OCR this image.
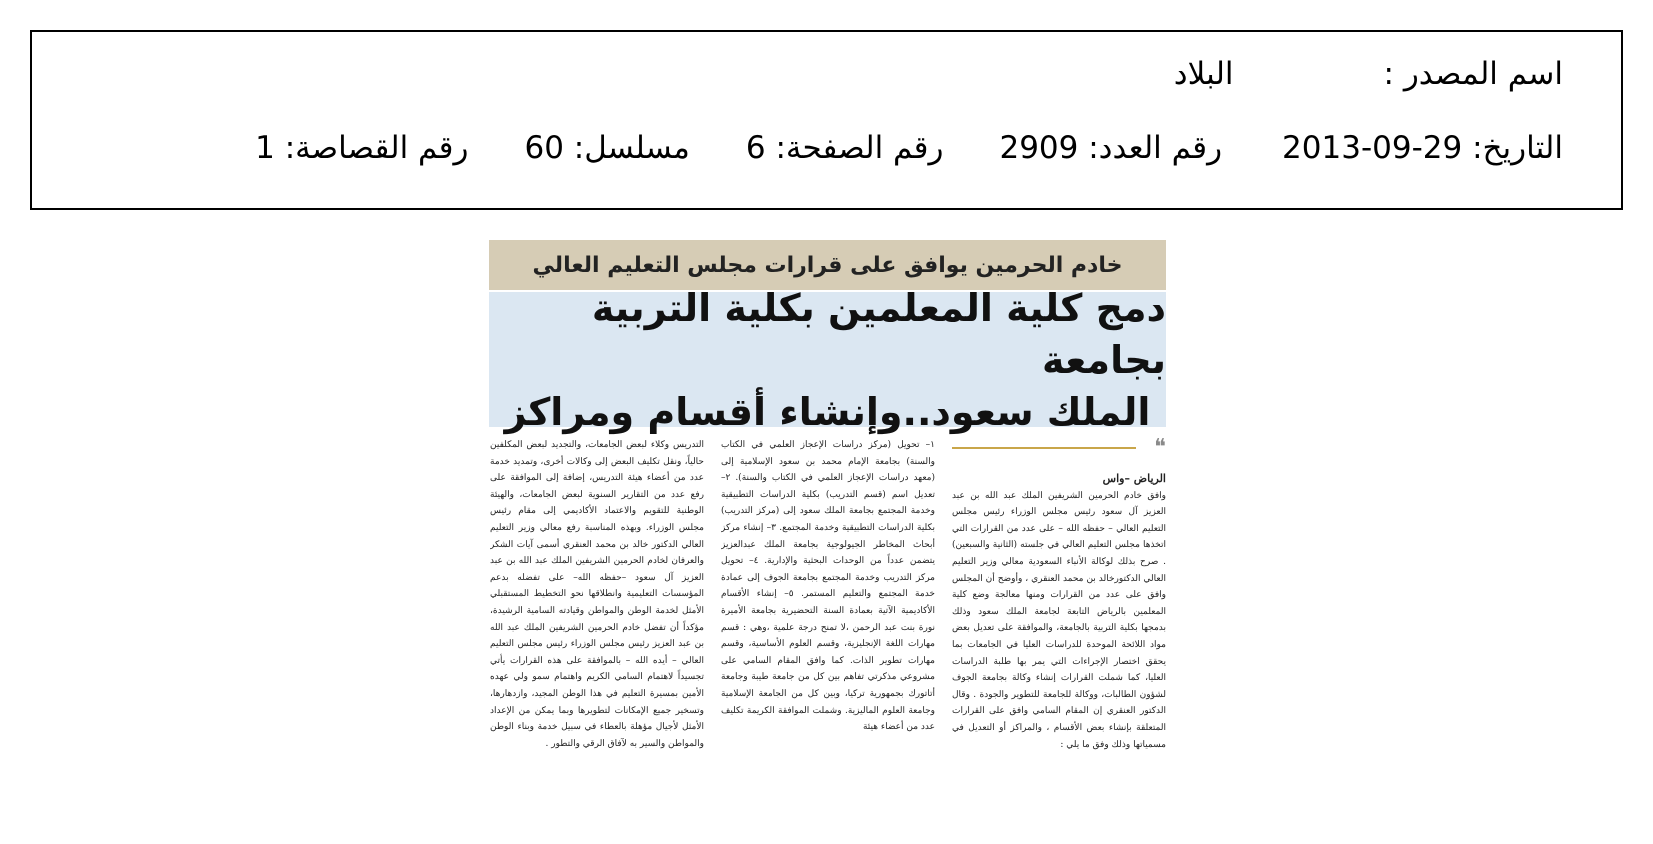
اسم المصدر :البلاد
التاريخ: 2013-09-29رقم العدد: 2909رقم الصفحة: 6مسلسل: 60رقم القصاصة: 1
خادم الحرمين يوافق على قرارات مجلس التعليم العالي
دمج كلية المعلمين بكلية التربية بجامعة
الملك سعود..وإنشاء أقسام ومراكز
❝
الرياض –واس

وافق خادم الحرمين الشريفين الملك عبد الله بن عبد العزيز آل سعود رئيس مجلس الوزراء رئيس مجلس التعليم العالي – حفظه الله – على عدد من القرارات التي اتخذها مجلس التعليم العالي في جلسته (الثانية والسبعين) . صرح بذلك لوكالة الأنباء السعودية معالي وزير التعليم العالي الدكتورخالد بن محمد العنقري ، وأوضح أن المجلس وافق على عدد من القرارات ومنها معالجة وضع كلية المعلمين بالرياض التابعة لجامعة الملك سعود وذلك بدمجها بكلية التربية بالجامعة، والموافقة على تعديل بعض مواد اللائحة الموحدة للدراسات العليا في الجامعات بما يحقق اختصار الإجراءات التي يمر بها طلبة الدراسات العليا، كما شملت القرارات إنشاء وكالة بجامعة الجوف لشؤون الطالبات، ووكالة للجامعة للتطوير والجودة . وقال الدكتور العنقري إن المقام السامي وافق على القرارات المتعلقة بإنشاء بعض الأقسام ، والمراكز أو التعديل في مسمياتها وذلك وفق ما يلي :

١– تحويل (مركز دراسات الإعجاز العلمي في الكتاب والسنة) بجامعة الإمام محمد بن سعود الإسلامية إلى (معهد دراسات الإعجاز العلمي في الكتاب والسنة). ٢– تعديل اسم (قسم التدريب) بكلية الدراسات التطبيقية وخدمة المجتمع بجامعة الملك سعود إلى (مركز التدريب) بكلية الدراسات التطبيقية وخدمة المجتمع. ٣– إنشاء مركز أبحاث المخاطر الجيولوجية بجامعة الملك عبدالعزيز يتضمن عدداً من الوحدات البحثية والإدارية. ٤– تحويل مركز التدريب وخدمة المجتمع بجامعة الجوف إلى عمادة خدمة المجتمع والتعليم المستمر. ٥– إنشاء الأقسام الأكاديمية الآتية بعمادة السنة التحضيرية بجامعة الأميرة نورة بنت عبد الرحمن ،لا تمنح درجة علمية ،وهي : قسم مهارات اللغة الإنجليزية، وقسم العلوم الأساسية، وقسم مهارات تطوير الذات. كما وافق المقام السامي على مشروعي مذكرتي تفاهم بين كل من جامعة طيبة وجامعة أتاتورك بجمهورية تركيا، وبين كل من الجامعة الإسلامية وجامعة العلوم الماليزية. وشملت الموافقة الكريمة تكليف عدد من أعضاء هيئة

التدريس وكلاء لبعض الجامعات، والتجديد لبعض المكلفين حالياً، ونقل تكليف البعض إلى وكالات أخرى، وتمديد خدمة عدد من أعضاء هيئة التدريس، إضافة إلى الموافقة على رفع عدد من التقارير السنوية لبعض الجامعات، والهيئة الوطنية للتقويم والاعتماد الأكاديمي إلى مقام رئيس مجلس الوزراء. وبهذه المناسبة رفع معالي وزير التعليم العالي الدكتور خالد بن محمد العنقري أسمى آيات الشكر والعرفان لخادم الحرمين الشريفين الملك عبد الله بن عبد العزيز آل سعود –حفظه الله– على تفضله بدعم المؤسسات التعليمية وانطلاقها نحو التخطيط المستقبلي الأمثل لخدمة الوطن والمواطن وقيادته السامية الرشيدة، مؤكداً أن تفضل خادم الحرمين الشريفين الملك عبد الله بن عبد العزيز رئيس مجلس الوزراء رئيس مجلس التعليم العالي – أيده الله – بالموافقة على هذه القرارات يأتي تجسيداً لاهتمام السامي الكريم واهتمام سمو ولي عهده الأمين بمسيرة التعليم في هذا الوطن المجيد، وازدهارها، وتسخير جميع الإمكانات لتطويرها وبما يمكن من الإعداد الأمثل لأجيال مؤهلة بالعطاء في سبيل خدمة وبناء الوطن والمواطن والسير به لآفاق الرقي والتطور .
